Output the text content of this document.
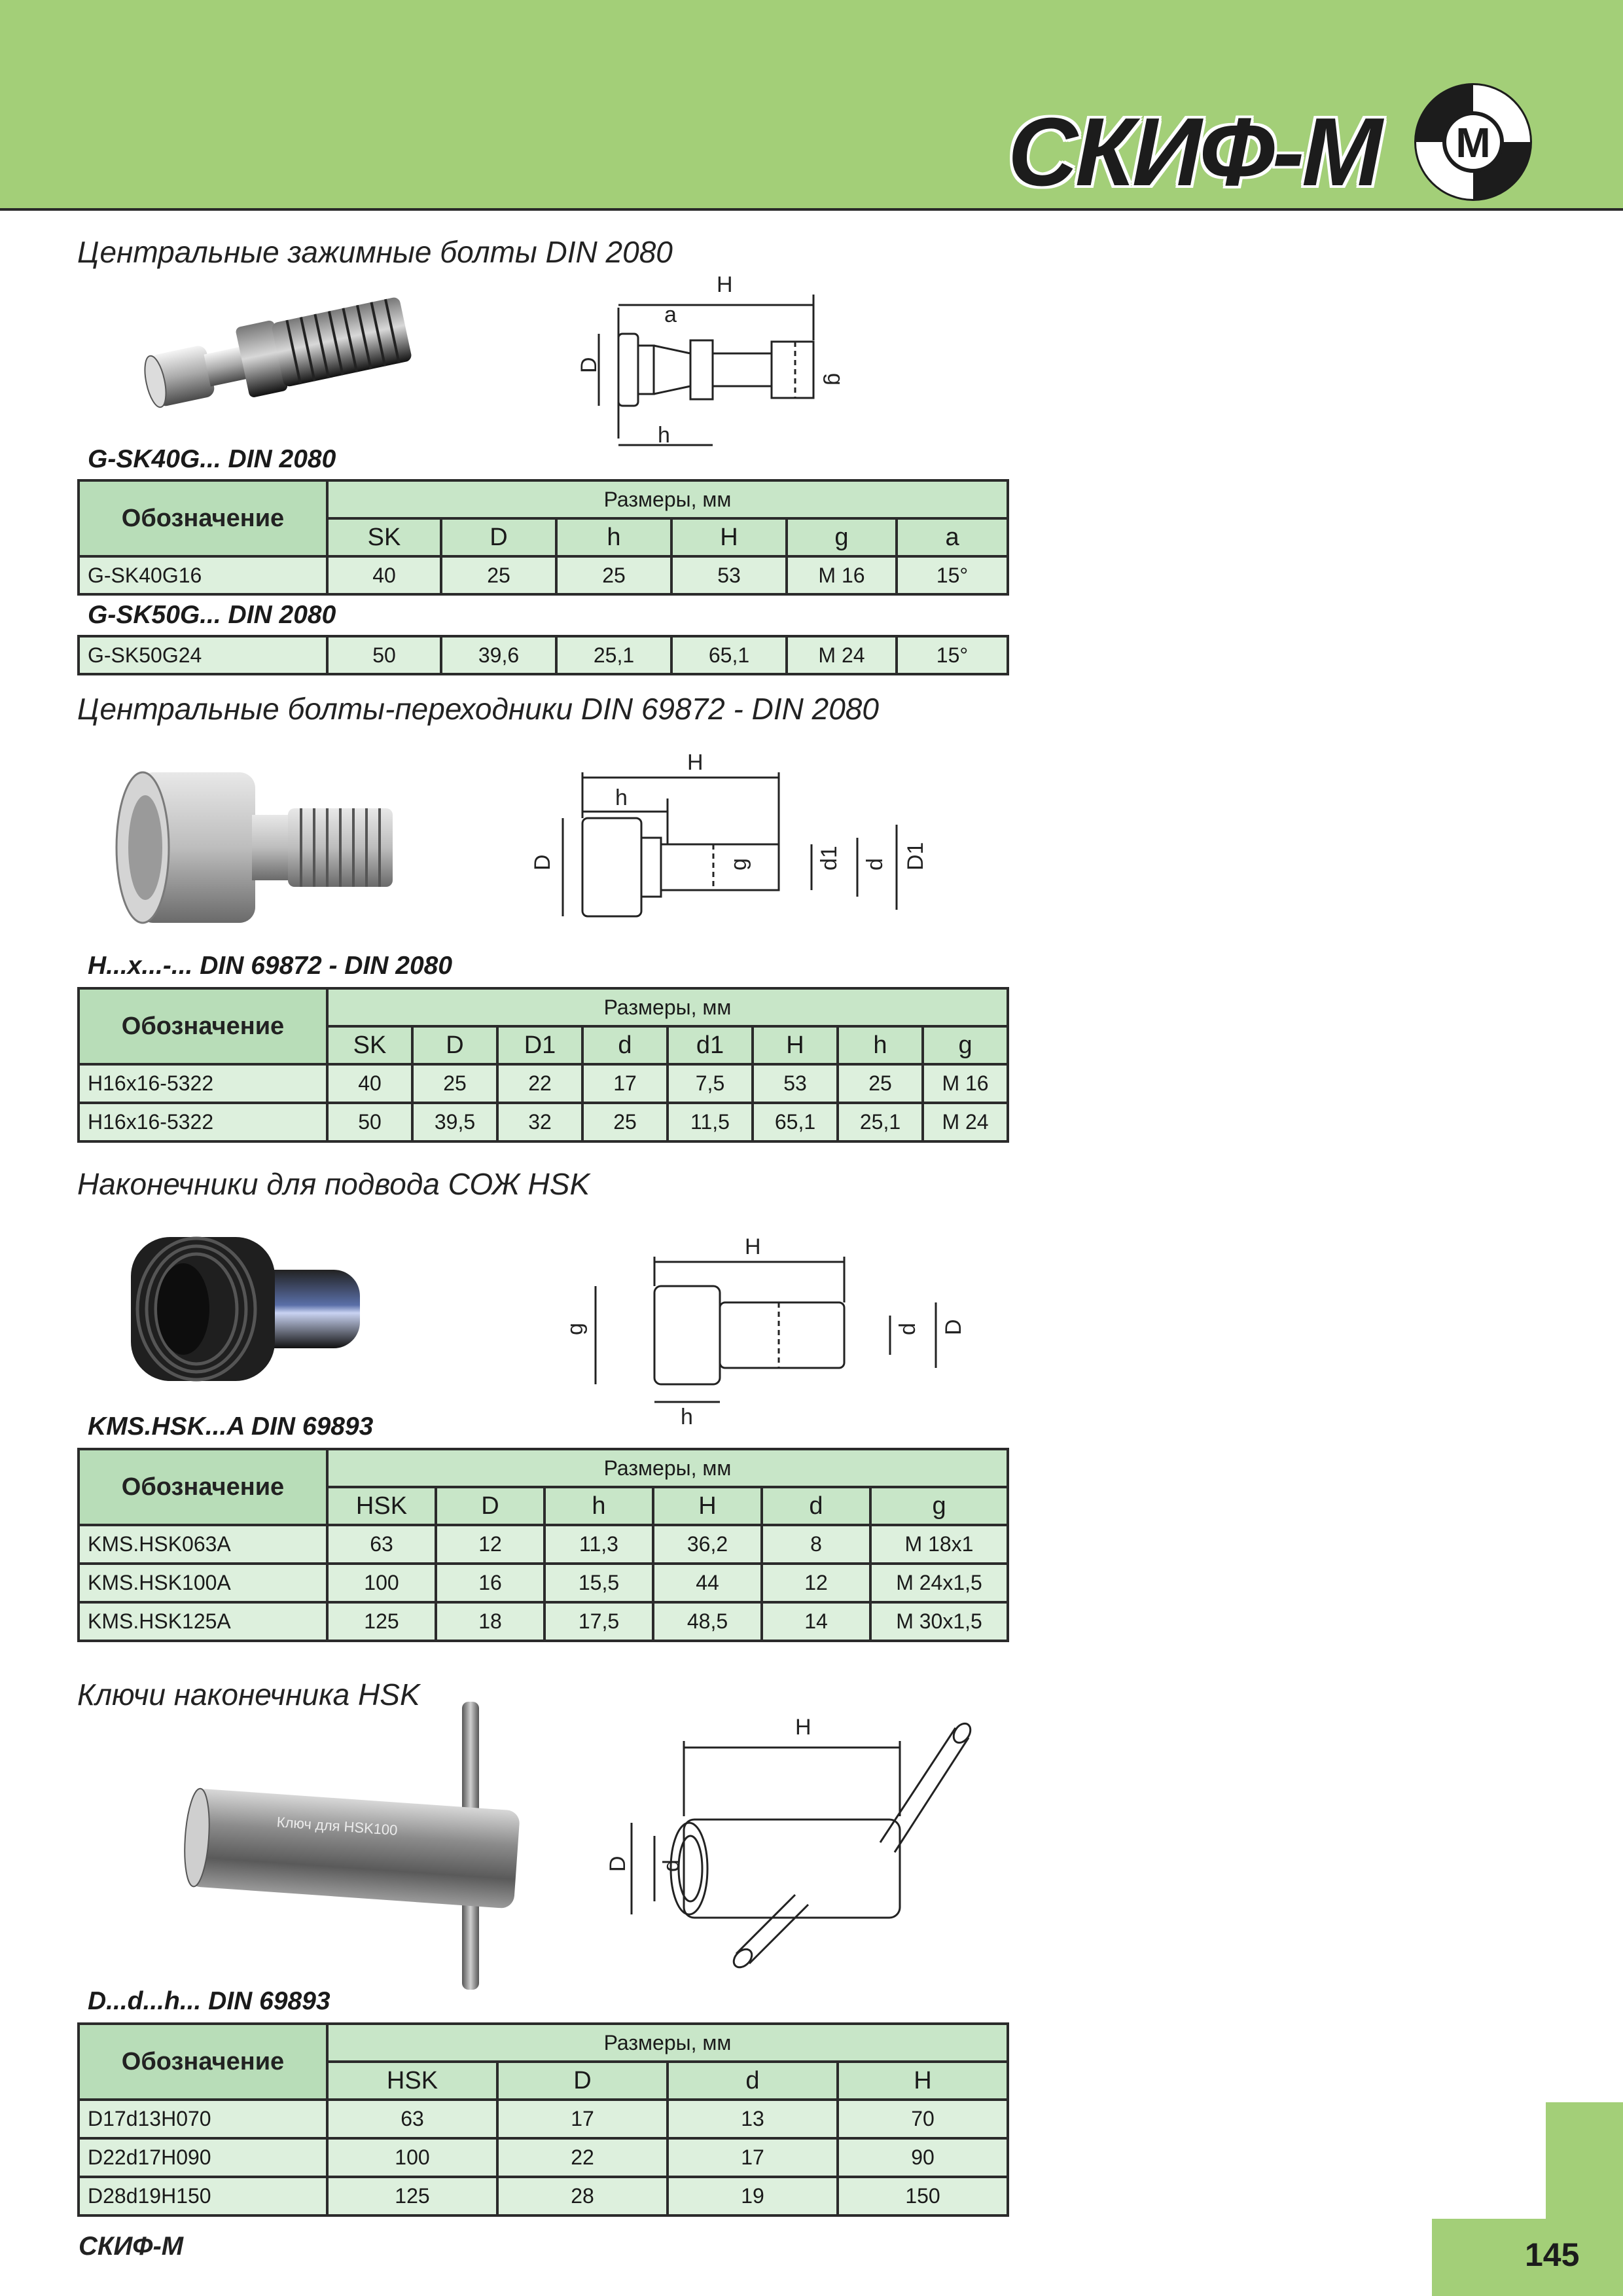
СКИФ-М М
Центральные зажимные болты DIN 2080
H
a
D
g
h
G-SK40G... DIN 2080
Обозначение	Размеры, мм					
	SK	D	h	H	g	a
G-SK40G16	40	25	25	53	M 16	15°
G-SK50G... DIN 2080
G-SK50G24	50	39,6	25,1	65,1	M 24	15°
Центральные болты-переходники DIN 69872 - DIN 2080
H
h
D	g	d1 d D1
H...x...-... DIN 69872 - DIN 2080
Обозначение	Размеры, мм							
	SK	D	D1	d	d1	H	h	g
H16x16-5322	40	25	22	17	7,5	53	25	M 16
H16x16-5322	50	39,5	32	25	11,5	65,1	25,1	M 24
Наконечники для подвода СОЖ HSK
H
g	d D
h
KMS.HSK...A DIN 69893
Обозначение	Размеры, мм					
	HSK	D	h	H	d	g
KMS.HSK063A	63	12	11,3	36,2	8	M 18x1
KMS.HSK100A	100	16	15,5	44	12	M 24x1,5
KMS.HSK125A	125	18	17,5	48,5	14	M 30x1,5
Ключи наконечника HSK
Ключ для HSK100
H
D d
D...d...h... DIN 69893
Обозначение	Размеры, мм			
	HSK	D	d	H
D17d13H070	63	17	13	70
D22d17H090	100	22	17	90
D28d19H150	125	28	19	150
СКИФ-М	145
